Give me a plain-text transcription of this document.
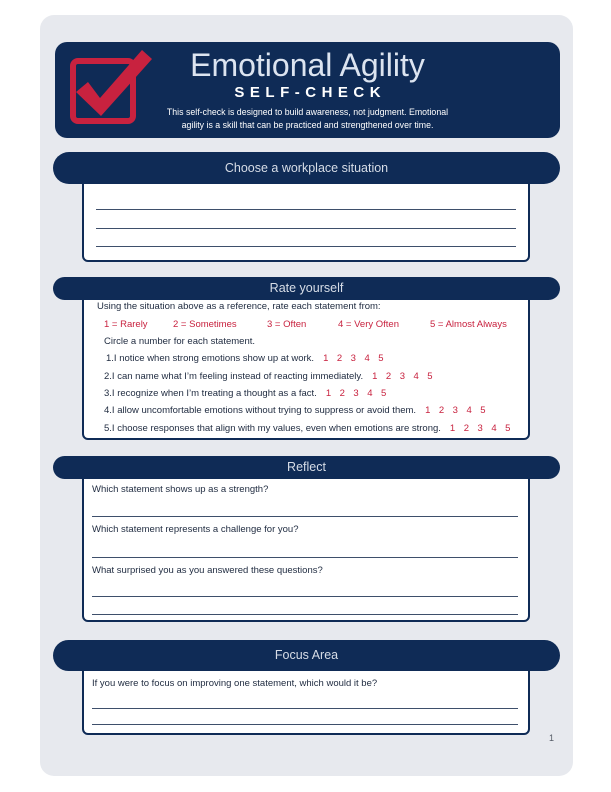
Emotional Agility
SELF-CHECK
This self-check is designed to build awareness, not judgment. Emotional
agility is a skill that can be practiced and strengthened over time.
Choose a workplace situation
Rate yourself
Using the situation above as a reference, rate each statement from:
1 = Rarely	2 = Sometimes	3 = Often	4 = Very Often	5 = Almost Always
Circle a number for each statement.
1.I notice when strong emotions show up at work. 1 2 3 4 5
2.I can name what I’m feeling instead of reacting immediately. 1 2 3 4 5
3.I recognize when I’m treating a thought as a fact. 1 2 3 4 5
4.I allow uncomfortable emotions without trying to suppress or avoid them. 1 2 3 4 5
5.I choose responses that align with my values, even when emotions are strong. 1 2 3 4 5
Reflect
Which statement shows up as a strength?
Which statement represents a challenge for you?
What surprised you as you answered these questions?
Focus Area
If you were to focus on improving one statement, which would it be?
1
